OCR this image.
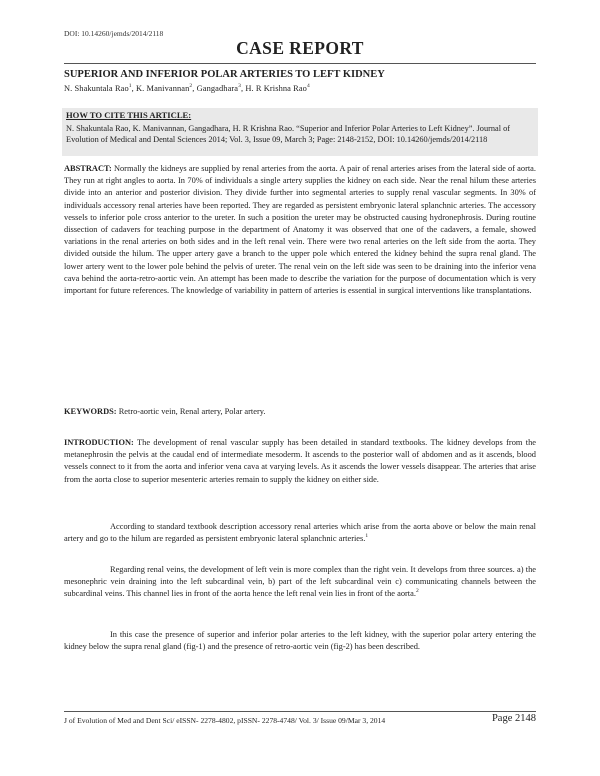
DOI: 10.14260/jemds/2014/2118
CASE REPORT
SUPERIOR AND INFERIOR POLAR ARTERIES TO LEFT KIDNEY
N. Shakuntala Rao$^1$, K. Manivannan$^2$, Gangadhara$^3$, H. R Krishna Rao$^4$
HOW TO CITE THIS ARTICLE:
N. Shakuntala Rao, K. Manivannan, Gangadhara, H. R Krishna Rao. “Superior and Inferior Polar Arteries to Left Kidney”. Journal of Evolution of Medical and Dental Sciences 2014; Vol. 3, Issue 09, March 3; Page: 2148-2152, DOI: 10.14260/jemds/2014/2118
ABSTRACT: Normally the kidneys are supplied by renal arteries from the aorta. A pair of renal arteries arises from the lateral side of aorta. They run at right angles to aorta. In 70% of individuals a single artery supplies the kidney on each side. Near the renal hilum these arteries divide into an anterior and posterior division. They divide further into segmental arteries to supply renal vascular segments. In 30% of individuals accessory renal arteries have been reported. They are regarded as persistent embryonic lateral splanchnic arteries. The accessory vessels to inferior pole cross anterior to the ureter. In such a position the ureter may be obstructed causing hydronephrosis. During routine dissection of cadavers for teaching purpose in the department of Anatomy it was observed that one of the cadavers, a female, showed variations in the renal arteries on both sides and in the left renal vein. There were two renal arteries on the left side from the aorta. They divided outside the hilum. The upper artery gave a branch to the upper pole which entered the kidney behind the supra renal gland. The lower artery went to the lower pole behind the pelvis of ureter. The renal vein on the left side was seen to be draining into the inferior vena cava behind the aorta-retro-aortic vein. An attempt has been made to describe the variation for the purpose of documentation which is very important for future references. The knowledge of variability in pattern of arteries is essential in surgical interventions like transplantations.
KEYWORDS: Retro-aortic vein, Renal artery, Polar artery.
INTRODUCTION: The development of renal vascular supply has been detailed in standard textbooks. The kidney develops from the metanephrosin the pelvis at the caudal end of intermediate mesoderm. It ascends to the posterior wall of abdomen and as it ascends, blood vessels connect to it from the aorta and inferior vena cava at varying levels. As it ascends the lower vessels disappear. The arteries that arise from the aorta close to superior mesenteric arteries remain to supply the kidney on either side.
According to standard textbook description accessory renal arteries which arise from the aorta above or below the main renal artery and go to the hilum are regarded as persistent embryonic lateral splanchnic arteries.$^1$
Regarding renal veins, the development of left vein is more complex than the right vein. It develops from three sources. a) the mesonephric vein draining into the left subcardinal vein, b) part of the left subcardinal vein c) communicating channels between the subcardinal veins. This channel lies in front of the aorta hence the left renal vein lies in front of the aorta.$^2$
In this case the presence of superior and inferior polar arteries to the left kidney, with the superior polar artery entering the kidney below the supra renal gland (fig-1) and the presence of retro-aortic vein (fig-2) has been described.
J of Evolution of Med and Dent Sci/ eISSN- 2278-4802, pISSN- 2278-4748/ Vol. 3/ Issue 09/Mar 3, 2014	Page 2148
